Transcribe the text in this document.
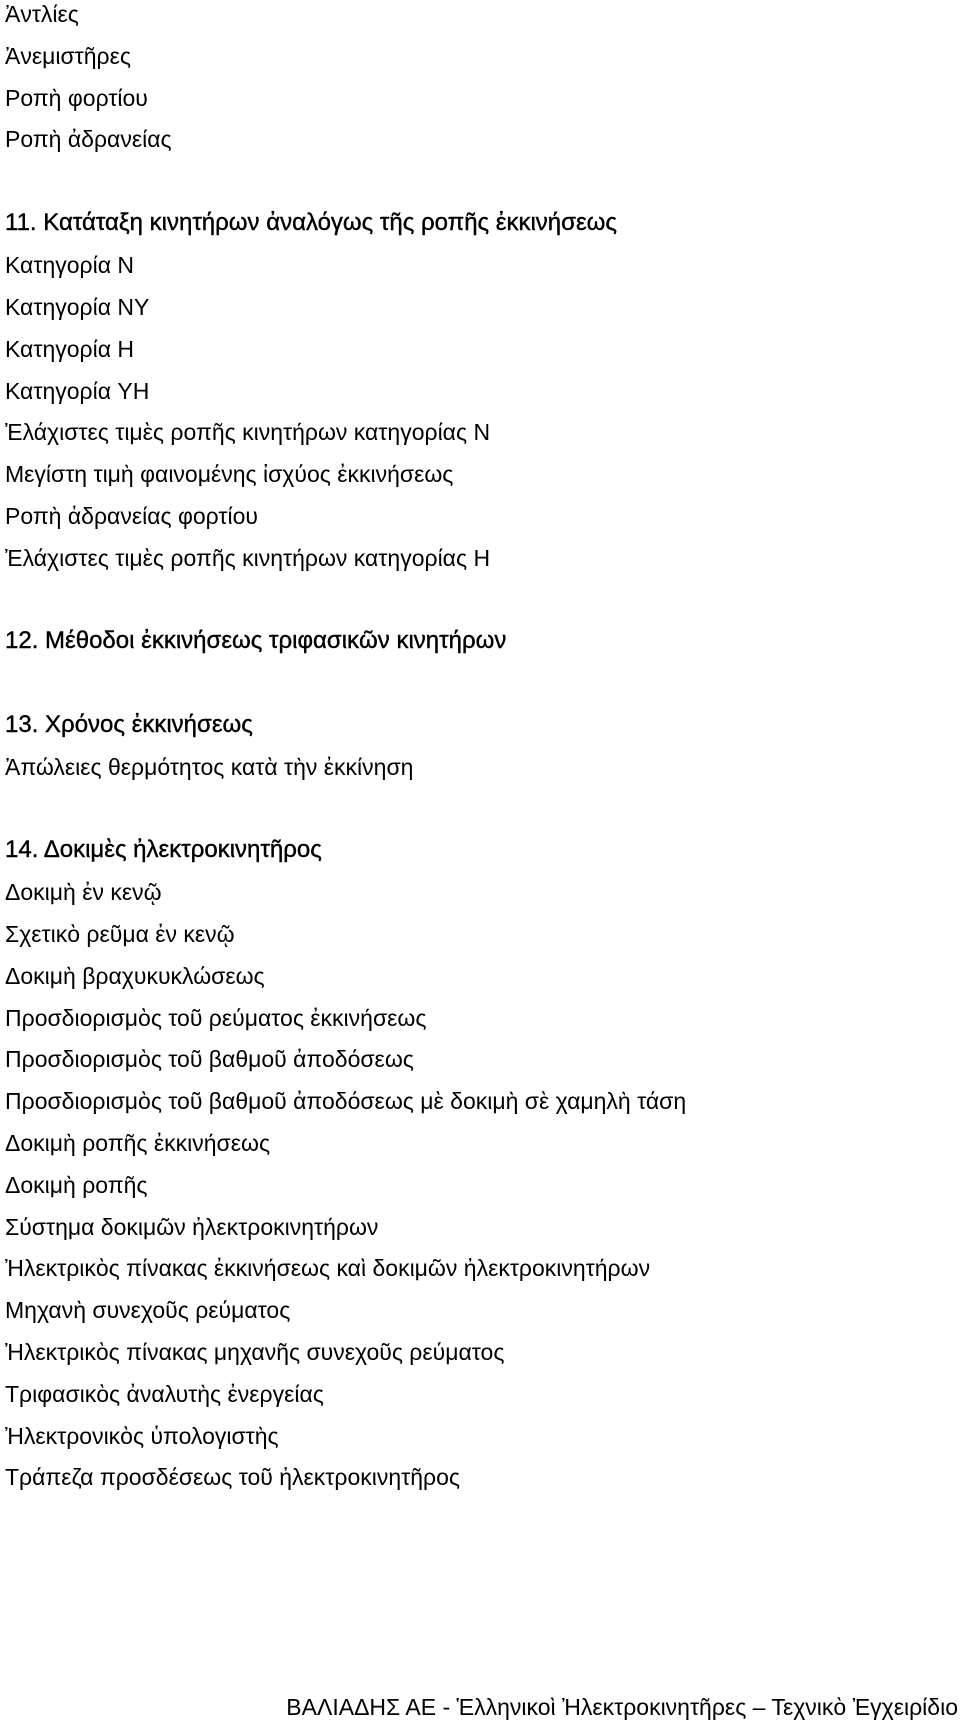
Ἀντλίες
Ἀνεμιστῆρες
Ροπὴ φορτίου
Ροπὴ ἀδρανείας
11. Κατάταξη κινητήρων ἀναλόγως τῆς ροπῆς ἐκκινήσεως
Κατηγορία N
Κατηγορία NY
Κατηγορία H
Κατηγορία YH
Ἐλάχιστες τιμὲς ροπῆς κινητήρων κατηγορίας N
Μεγίστη τιμὴ φαινομένης ἰσχύος ἐκκινήσεως
Ροπὴ ἀδρανείας φορτίου
Ἐλάχιστες τιμὲς ροπῆς κινητήρων κατηγορίας H
12. Μέθοδοι ἐκκινήσεως τριφασικῶν κινητήρων
13. Χρόνος ἐκκινήσεως
Ἀπώλειες θερμότητος κατὰ τὴν ἐκκίνηση
14. Δοκιμὲς ἠλεκτροκινητῆρος
Δοκιμὴ ἐν κενῷ
Σχετικὸ ρεῦμα ἐν κενῷ
Δοκιμὴ βραχυκυκλώσεως
Προσδιορισμὸς τοῦ ρεύματος ἐκκινήσεως
Προσδιορισμὸς τοῦ βαθμοῦ ἀποδόσεως
Προσδιορισμὸς τοῦ βαθμοῦ ἀποδόσεως μὲ δοκιμὴ σὲ χαμηλὴ τάση
Δοκιμὴ ροπῆς ἐκκινήσεως
Δοκιμὴ ροπῆς
Σύστημα δοκιμῶν ἠλεκτροκινητήρων
Ἠλεκτρικὸς πίνακας ἐκκινήσεως καὶ δοκιμῶν ἠλεκτροκινητήρων
Μηχανὴ συνεχοῦς ρεύματος
Ἠλεκτρικὸς πίνακας μηχανῆς συνεχοῦς ρεύματος
Τριφασικὸς ἀναλυτὴς ἐνεργείας
Ἠλεκτρονικὸς ὑπολογιστὴς
Τράπεζα προσδέσεως τοῦ ἠλεκτροκινητῆρος
ΒΑΛΙΑΔΗΣ ΑΕ - Ἑλληνικοὶ Ἠλεκτροκινητῆρες – Τεχνικὸ Ἐγχειρίδιο
